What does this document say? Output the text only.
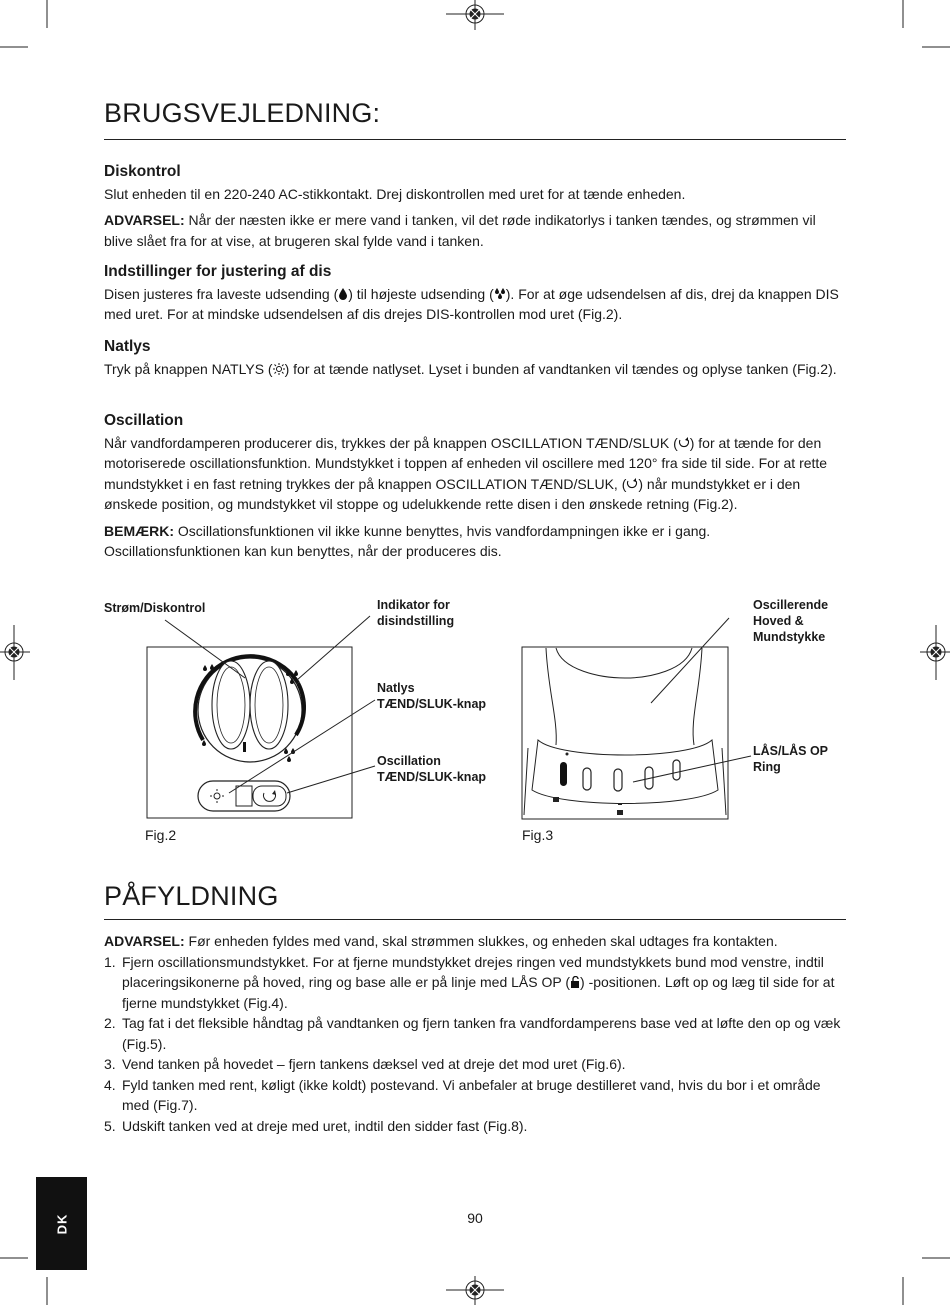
BRUGSVEJLEDNING:
Diskontrol

Slut enheden til en 220-240 AC-stikkontakt. Drej diskontrollen med uret for at tænde enheden.

ADVARSEL: Når der næsten ikke er mere vand i tanken, vil det røde indikatorlys i tanken tændes, og strømmen vil blive slået fra for at vise, at brugeren skal fylde vand i tanken.

Indstillinger for justering af dis

Disen justeres fra laveste udsending ( ) til højeste udsending ( ). For at øge udsendelsen af dis, drej da knappen DIS med uret. For at mindske udsendelsen af dis drejes DIS-kontrollen mod uret (Fig.2).

Natlys

Tryk på knappen NATLYS ( ) for at tænde natlyset. Lyset i bunden af vandtanken vil tændes og oplyse tanken (Fig.2).

Oscillation

Når vandfordamperen producerer dis, trykkes der på knappen OSCILLATION TÆND/SLUK ( ) for at tænde for den motoriserede oscillationsfunktion. Mundstykket i toppen af enheden vil oscillere med 120° fra side til side. For at rette mundstykket i en fast retning trykkes der på knappen OSCILLATION TÆND/SLUK, ( ) når mundstykket er i den ønskede position, og mundstykket vil stoppe og udelukkende rette disen i den ønskede retning (Fig.2).

BEMÆRK: Oscillationsfunktionen vil ikke kunne benyttes, hvis vandfordampningen ikke er i gang. Oscillationsfunktionen kan kun benyttes, når der produceres dis.

Strøm/Diskontrol	Indikator for
disindstilling
Natlys
TÆND/SLUK-knap
Oscillation
TÆND/SLUK-knap
Oscillerende
Hoved &
Mundstykke
LÅS/LÅS OP
Ring
Fig.2	Fig.3
PÅFYLDNING

ADVARSEL: Før enheden fyldes med vand, skal strømmen slukkes, og enheden skal udtages fra kontakten.

1. Fjern oscillationsmundstykket. For at fjerne mundstykket drejes ringen ved mundstykkets bund mod venstre, indtil placeringsikonerne på hoved, ring og base alle er på linje med LÅS OP ( ) -positionen. Løft op og læg til side for at fjerne mundstykket (Fig.4).
2. Tag fat i det fleksible håndtag på vandtanken og fjern tanken fra vandfordamperens base ved at løfte den op og væk (Fig.5).
3. Vend tanken på hovedet – fjern tankens dæksel ved at dreje det mod uret (Fig.6).
4. Fyld tanken med rent, køligt (ikke koldt) postevand. Vi anbefaler at bruge destilleret vand, hvis du bor i et område med (Fig.7).
5. Udskift tanken ved at dreje med uret, indtil den sidder fast (Fig.8).
DK	90
